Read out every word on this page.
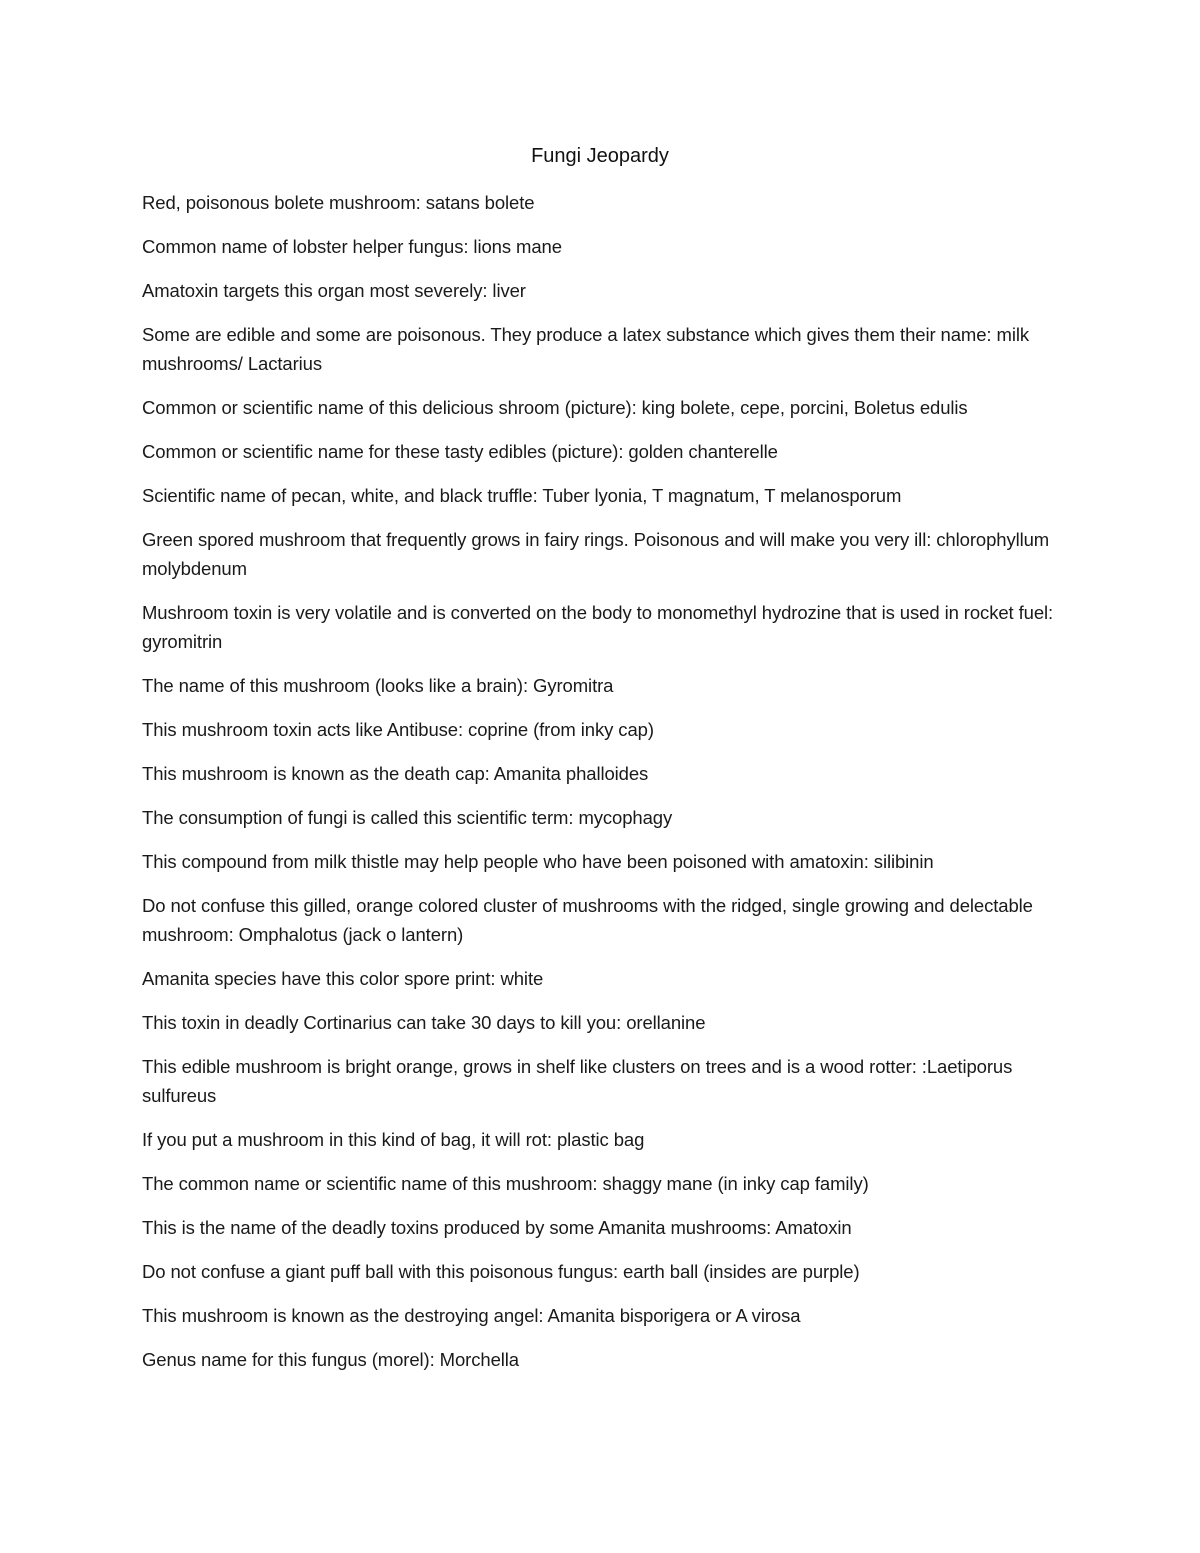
Fungi Jeopardy
Red, poisonous bolete mushroom: satans bolete
Common name of lobster helper fungus: lions mane
Amatoxin targets this organ most severely: liver
Some are edible and some are poisonous. They produce a latex substance which gives them their name: milk mushrooms/ Lactarius
Common or scientific name of this delicious shroom (picture): king bolete, cepe, porcini, Boletus edulis
Common or scientific name for these tasty edibles (picture): golden chanterelle
Scientific name of pecan, white, and black truffle: Tuber lyonia, T magnatum, T melanosporum
Green spored mushroom that frequently grows in fairy rings. Poisonous and will make you very ill: chlorophyllum molybdenum
Mushroom toxin is very volatile and is converted on the body to monomethyl hydrozine that is used in rocket fuel: gyromitrin
The name of this mushroom (looks like a brain): Gyromitra
This mushroom toxin acts like Antibuse: coprine (from inky cap)
This mushroom is known as the death cap: Amanita phalloides
The consumption of fungi is called this scientific term: mycophagy
This compound from milk thistle may help people who have been poisoned with amatoxin: silibinin
Do not confuse this gilled, orange colored cluster of mushrooms with the ridged, single growing and delectable mushroom: Omphalotus (jack o lantern)
Amanita species have this color spore print: white
This toxin in deadly Cortinarius can take 30 days to kill you: orellanine
This edible mushroom is bright orange, grows in shelf like clusters on trees and is a wood rotter: :Laetiporus sulfureus
If you put a mushroom in this kind of bag, it will rot: plastic bag
The common name or scientific name of this mushroom: shaggy mane (in inky cap family)
This is the name of the deadly toxins produced by some Amanita mushrooms: Amatoxin
Do not confuse a giant puff ball with this poisonous fungus: earth ball (insides are purple)
This mushroom is known as the destroying angel: Amanita bisporigera or A virosa
Genus name for this fungus (morel): Morchella
